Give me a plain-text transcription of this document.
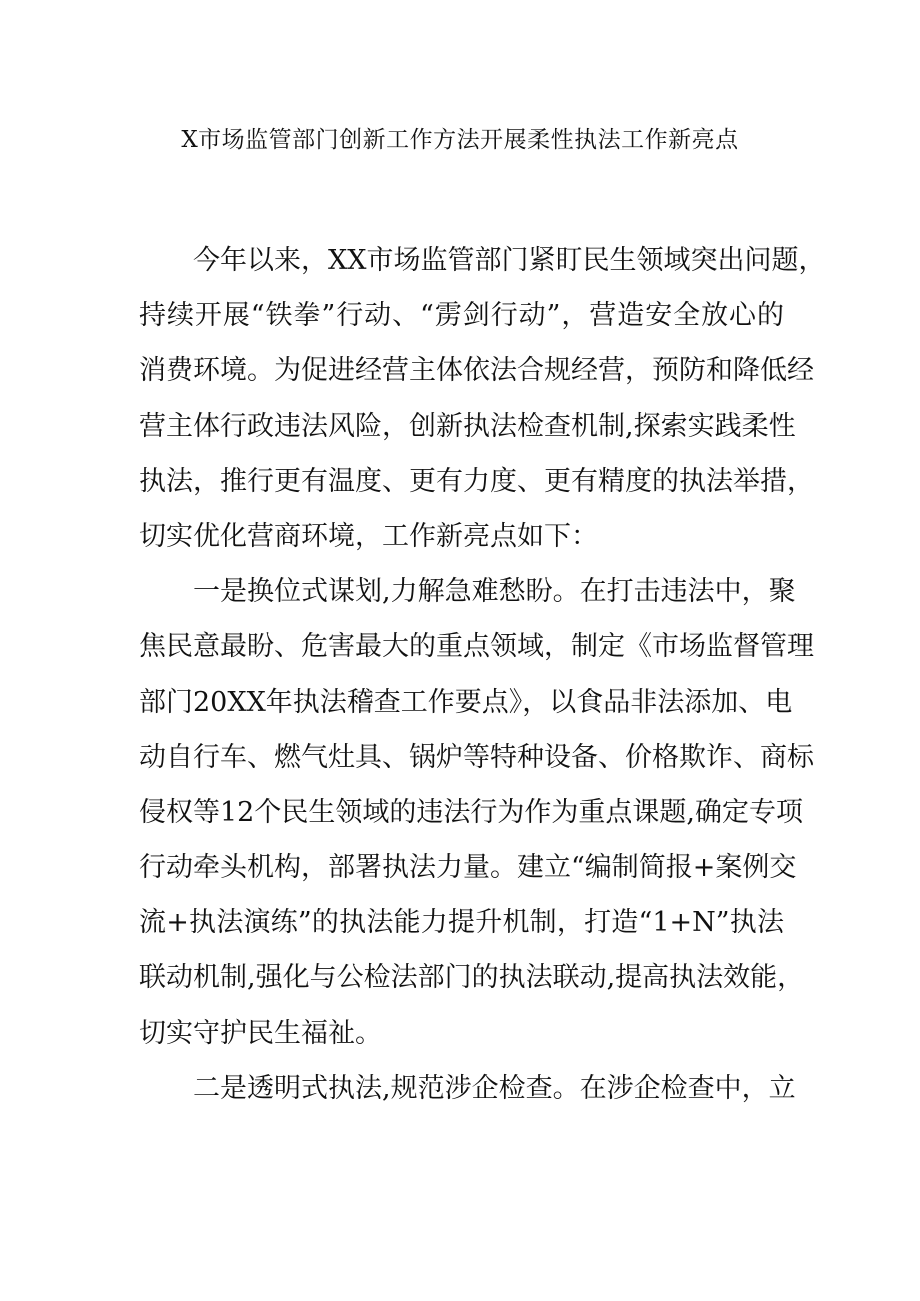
X市场监管部门创新工作方法开展柔性执法工作新亮点
今年以来，XX市场监管部门紧盯民生领域突出问题，
持续开展“铁拳”行动、“雳剑行动”，营造安全放心的
消费环境。为促进经营主体依法合规经营，预防和降低经
营主体行政违法风险，创新执法检查机制,探索实践柔性
执法，推行更有温度、更有力度、更有精度的执法举措，
切实优化营商环境，工作新亮点如下：
一是换位式谋划,力解急难愁盼。在打击违法中，聚
焦民意最盼、危害最大的重点领域，制定《市场监督管理
部门20XX年执法稽查工作要点》，以食品非法添加、电
动自行车、燃气灶具、锅炉等特种设备、价格欺诈、商标
侵权等12个民生领域的违法行为作为重点课题,确定专项
行动牵头机构，部署执法力量。建立“编制简报+案例交
流+执法演练”的执法能力提升机制，打造“1+N”执法
联动机制,强化与公检法部门的执法联动,提高执法效能，
切实守护民生福祉。
二是透明式执法,规范涉企检查。在涉企检查中，立
